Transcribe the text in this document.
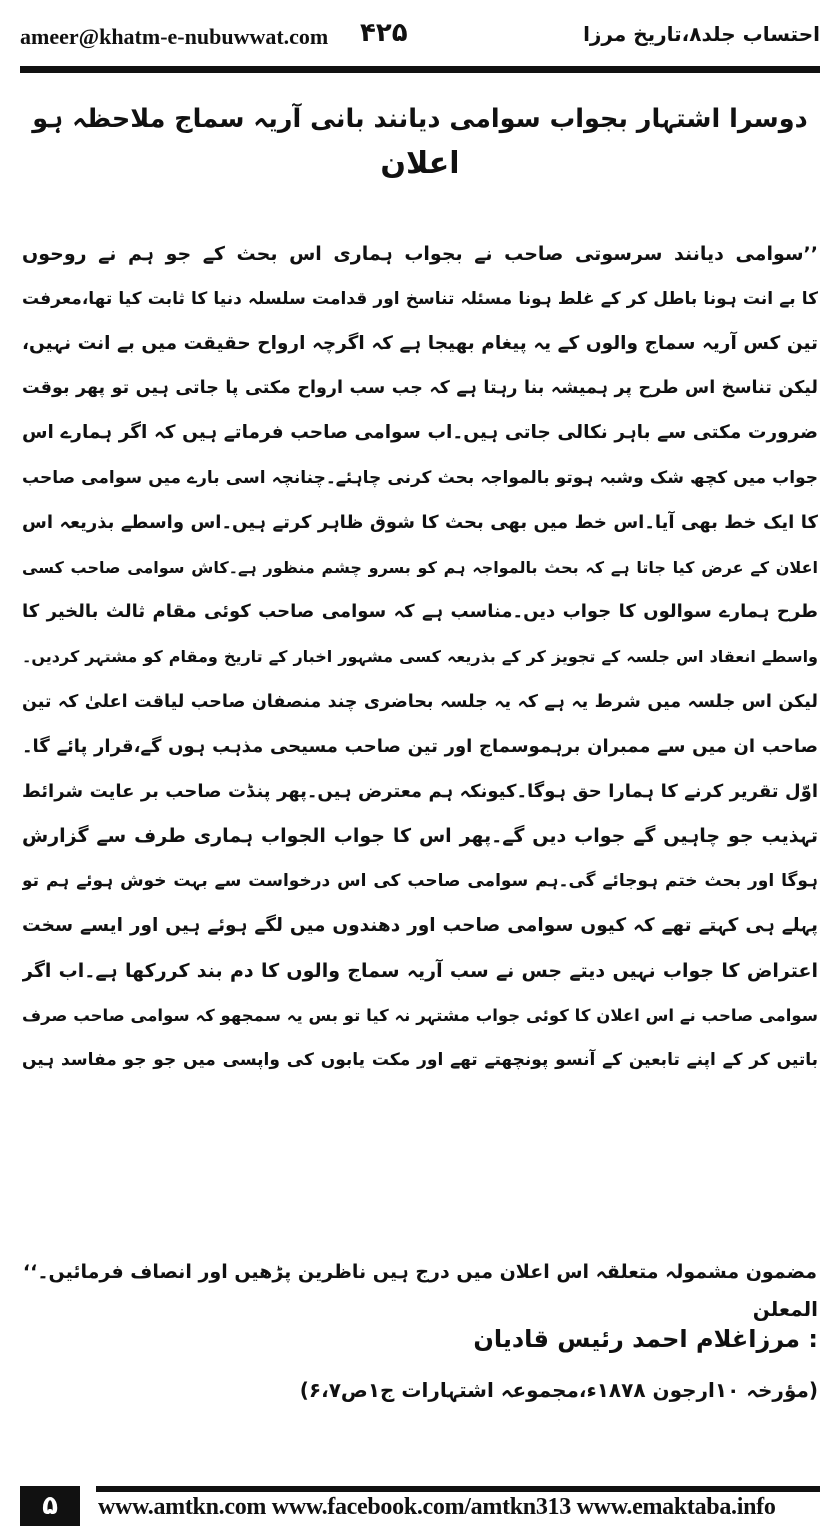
ameer@khatm-e-nubuwwat.com ۴۲۵	احتساب جلد۸،تاریخ مرزا
دوسرا اشتہار بجواب سوامی دیانند بانی آریہ سماج ملاحظہ ہو
اعلان
’’سوامی دیانند سرسوتی صاحب نے بجواب ہماری اس بحث کے جو ہم نے روحوں
کا بے انت ہونا باطل کر کے غلط ہونا مسئلہ تناسخ اور قدامت سلسلہ دنیا کا ثابت کیا تھا،معرفت
تین کس آریہ سماج والوں کے یہ پیغام بھیجا ہے کہ اگرچہ ارواح حقیقت میں بے انت نہیں،
لیکن تناسخ اس طرح پر ہمیشہ بنا رہتا ہے کہ جب سب ارواح مکتی پا جاتی ہیں تو پھر بوقت
ضرورت مکتی سے باہر نکالی جاتی ہیں۔اب سوامی صاحب فرماتے ہیں کہ اگر ہمارے اس
جواب میں کچھ شک وشبہ ہوتو بالمواجہ بحث کرنی چاہئے۔چنانچہ اسی بارے میں سوامی صاحب
کا ایک خط بھی آیا۔اس خط میں بھی بحث کا شوق ظاہر کرتے ہیں۔اس واسطے بذریعہ اس
اعلان کے عرض کیا جاتا ہے کہ بحث بالمواجہ ہم کو بسرو چشم منظور ہے۔کاش سوامی صاحب کسی
طرح ہمارے سوالوں کا جواب دیں۔مناسب ہے کہ سوامی صاحب کوئی مقام ثالث بالخیر کا
واسطے انعقاد اس جلسہ کے تجویز کر کے بذریعہ کسی مشہور اخبار کے تاریخ ومقام کو مشتہر کردیں۔
لیکن اس جلسہ میں شرط یہ ہے کہ یہ جلسہ بحاضری چند منصفان صاحب لیاقت اعلیٰ کہ تین
صاحب ان میں سے ممبران برہموسماج اور تین صاحب مسیحی مذہب ہوں گے،قرار پائے گا۔
اوّل تقریر کرنے کا ہمارا حق ہوگا۔کیونکہ ہم معترض ہیں۔پھر پنڈت صاحب بر عایت شرائط
تہذیب جو چاہیں گے جواب دیں گے۔پھر اس کا جواب الجواب ہماری طرف سے گزارش
ہوگا اور بحث ختم ہوجائے گی۔ہم سوامی صاحب کی اس درخواست سے بہت خوش ہوئے ہم تو
پہلے ہی کہتے تھے کہ کیوں سوامی صاحب اور دھندوں میں لگے ہوئے ہیں اور ایسے سخت
اعتراض کا جواب نہیں دیتے جس نے سب آریہ سماج والوں کا دم بند کررکھا ہے۔اب اگر
سوامی صاحب نے اس اعلان کا کوئی جواب مشتہر نہ کیا تو بس یہ سمجھو کہ سوامی صاحب صرف
باتیں کر کے اپنے تابعین کے آنسو پونچھتے تھے اور مکت یابوں کی واپسی میں جو جو مفاسد ہیں
مضمون مشمولہ متعلقہ اس اعلان میں درج ہیں ناظرین پڑھیں اور انصاف فرمائیں۔‘‘
المعلن
: مرزاغلام احمد رئیس قادیان
(مؤرخہ ۱۰ارجون ۱۸۷۸ء،مجموعہ اشتہارات ج۱ص۶،۷)
۵	www.amtkn.com www.facebook.com/amtkn313 www.emaktaba.info
